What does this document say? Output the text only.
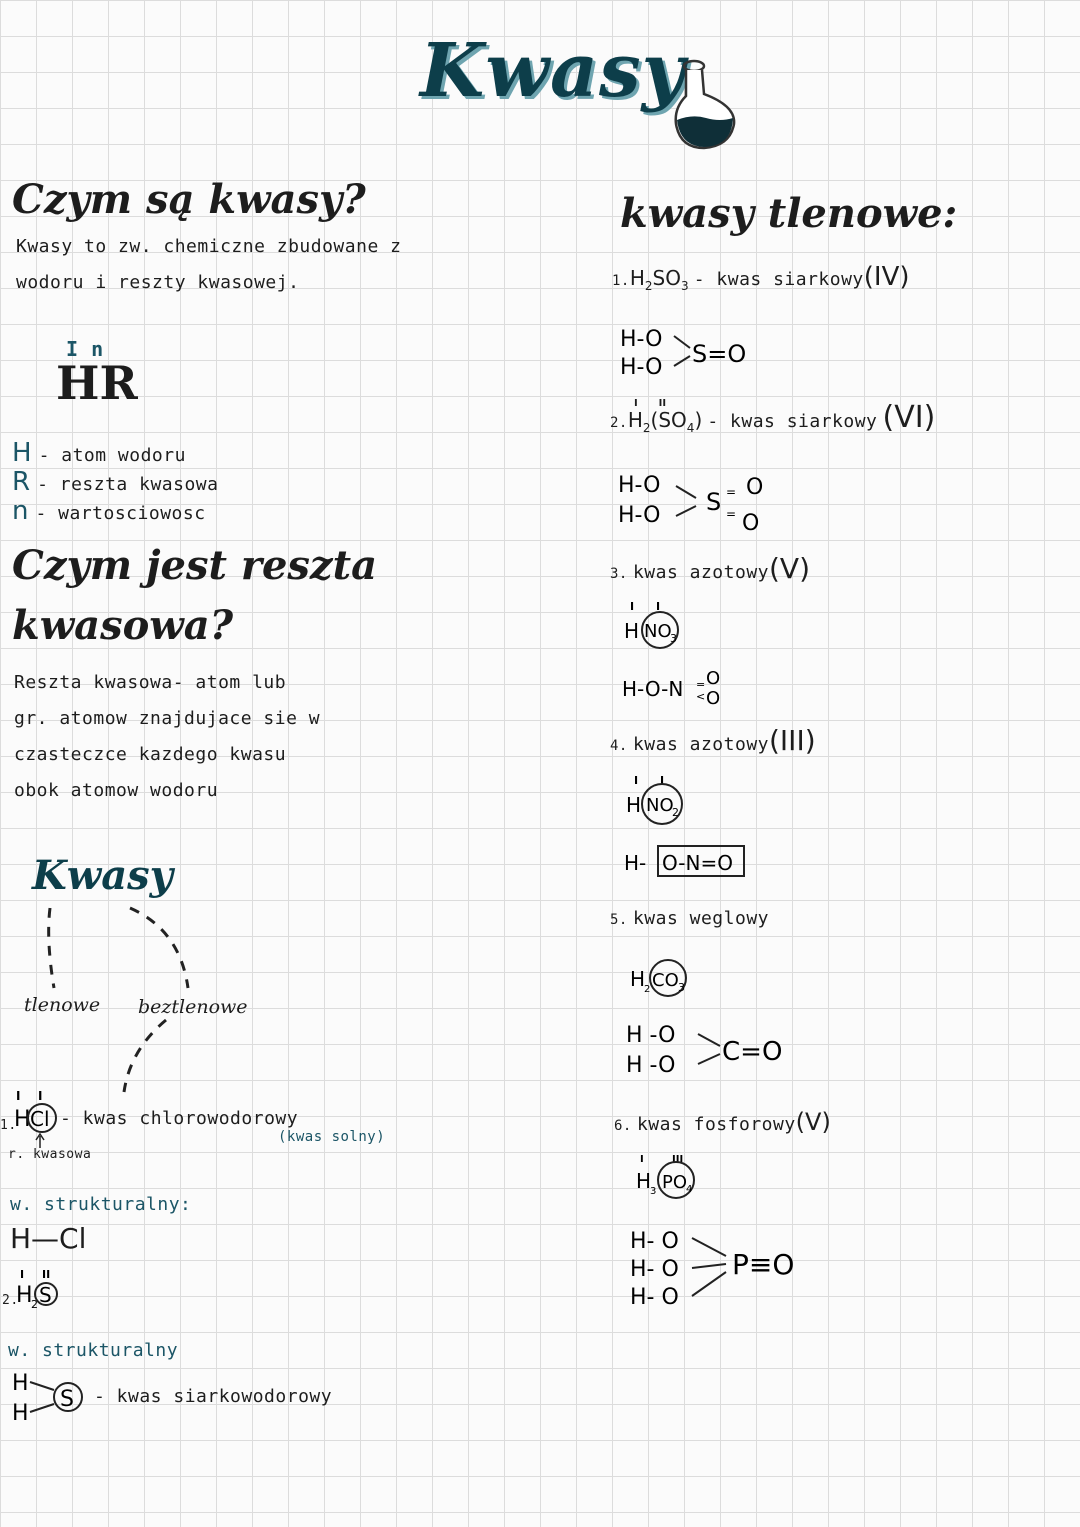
Kwasy
Czym są kwasy?
Kwasy to zw. chemiczne zbudowane z
wodoru i reszty kwasowej.
I n
HR
H - atom wodoru
R - reszta kwasowa
n - wartosciowosc
Czym jest reszta
kwasowa?
Reszta kwasowa- atom lub
gr. atomow znajdujace sie w
czasteczce kazdego kwasu
obok atomow wodoru
Kwasy
tlenowe beztlenowe
I I
H Cl
1. - kwas chlorowodorowy
(kwas solny)
r. kwasowa
w. strukturalny:
H—Cl
I II
H
2 S
2.
w. strukturalny
H
H
S - kwas siarkowodorowy
kwasy tlenowe:
$1.H_2SO_3$ - kwas siarkowy(IV)
H-O
H-O S=O
$2.H_2(SO_4)$ - kwas siarkowy (VI)
I      II
H-O
H-O S = O
= O
3. kwas azotowy(V)
I I
H NO
3
H-O-N = O
< O
4. kwas azotowy(III)
I I
H NO
2
H- O-N=O
5. kwas weglowy
H
2 CO 3
H -O
H -O C=O
6. kwas fosforowy(V)
I	III
H
3 PO
4
H- O
H- O
H- O
P≡O
